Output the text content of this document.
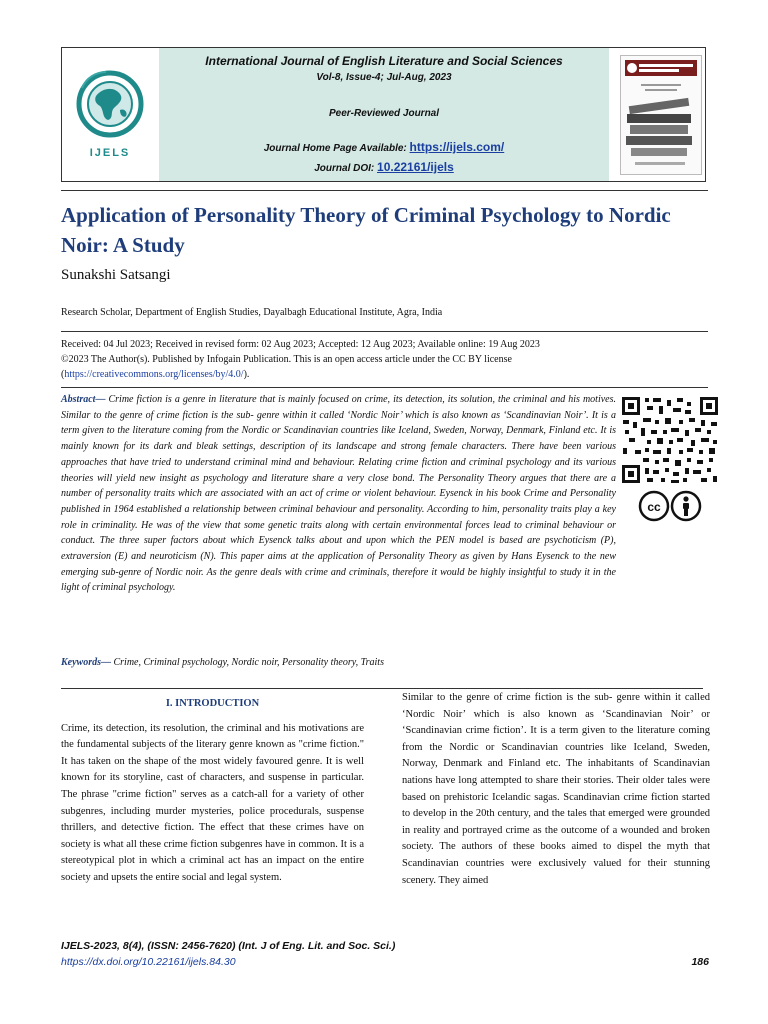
IJELS
International Journal of English Literature and Social Sciences
Vol-8, Issue-4; Jul-Aug, 2023
Peer-Reviewed Journal
Journal Home Page Available: https://ijels.com/
Journal DOI: 10.22161/ijels
Application of Personality Theory of Criminal Psychology to Nordic Noir: A Study
Sunakshi Satsangi
Research Scholar, Department of English Studies, Dayalbagh Educational Institute, Agra, India
Received: 04 Jul 2023; Received in revised form: 02 Aug 2023; Accepted: 12 Aug 2023; Available online: 19 Aug 2023
©2023 The Author(s). Published by Infogain Publication. This is an open access article under the CC BY license
(https://creativecommons.org/licenses/by/4.0/).

Abstract— Crime fiction is a genre in literature that is mainly focused on crime, its detection, its solution, the criminal and his motives. Similar to the genre of crime fiction is the sub- genre within it called ‘Nordic Noir’ which is also known as ‘Scandinavian Noir’. It is a term given to the literature coming from the Nordic or Scandinavian countries like Iceland, Sweden, Norway, Denmark, Finland etc. It is mainly known for its dark and bleak settings, description of its landscape and strong female characters. There have been various approaches that have tried to understand criminal mind and behaviour. Relating crime fiction and criminal psychology and its various theories will yield new insight as psychology and literature share a very close bond. The Personality Theory argues that there are a number of personality traits which are associated with an act of crime or violent behaviour. Eysenck in his book Crime and Personality published in 1964 established a relationship between criminal behaviour and personality. According to him, personality traits play a key role in criminality. He was of the view that some genetic traits along with certain environmental forces lead to criminal behaviour or conduct. The three super factors about which Eysenck talks about and upon which the PEN model is based are psychoticism (P), extraversion (E) and neuroticism (N). This paper aims at the application of Personality Theory as given by Hans Eysenck to the new emerging sub-genre of Nordic noir. As the genre deals with crime and criminals, therefore it would be highly insightful to study it in the light of criminal psychology.

cc
Keywords— Crime, Criminal psychology, Nordic noir, Personality theory, Traits
I. INTRODUCTION

Crime, its detection, its resolution, the criminal and his motivations are the fundamental subjects of the literary genre known as "crime fiction." It has taken on the shape of the most widely favoured genre. It is well known for its storyline, cast of characters, and suspense in particular. The phrase "crime fiction" serves as a catch-all for a variety of other subgenres, including murder mysteries, police procedurals, suspense thrillers, and detective fiction. The effect that these crimes have on society is what all these crime fiction subgenres have in common. It is a stereotypical plot in which a criminal act has an impact on the entire society and upsets the entire social and legal system.

Similar to the genre of crime fiction is the sub- genre within it called ‘Nordic Noir’ which is also known as ‘Scandinavian Noir’ or ‘Scandinavian crime fiction’. It is a term given to the literature coming from the Nordic or Scandinavian countries like Iceland, Sweden, Norway, Denmark and Finland etc. The inhabitants of Scandinavian nations have long attempted to share their stories. Their older tales were based on prehistoric Icelandic sagas. Scandinavian crime fiction started to develop in the 20th century, and the tales that emerged were grounded in reality and portrayed crime as the outcome of a wounded and broken society. The authors of these books aimed to dispel the myth that Scandinavian countries were exclusively valued for their stunning scenery. They aimed

IJELS-2023, 8(4), (ISSN: 2456-7620) (Int. J of Eng. Lit. and Soc. Sci.)
https://dx.doi.org/10.22161/ijels.84.30	186
